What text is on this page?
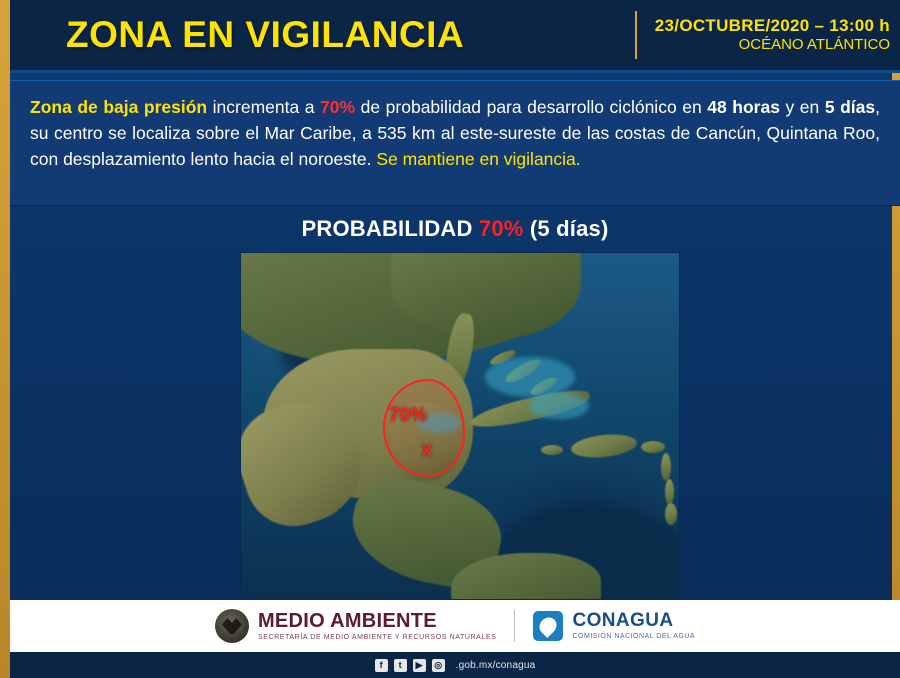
ZONA EN VIGILANCIA	23/OCTUBRE/2020 – 13:00 h
OCÉANO ATLÁNTICO
Zona de baja presión incrementa a 70% de probabilidad para desarrollo ciclónico en 48 horas y en 5 días, su centro se localiza sobre el Mar Caribe, a 535 km al este-sureste de las costas de Cancún, Quintana Roo, con desplazamiento lento hacia el noroeste. Se mantiene en vigilancia.
PROBABILIDAD 70% (5 días)
70%
X
MEDIO AMBIENTE
SECRETARÍA DE MEDIO AMBIENTE Y RECURSOS NATURALES
CONAGUA
COMISIÓN NACIONAL DEL AGUA
f	t	▶	◎ .gob.mx/conagua
